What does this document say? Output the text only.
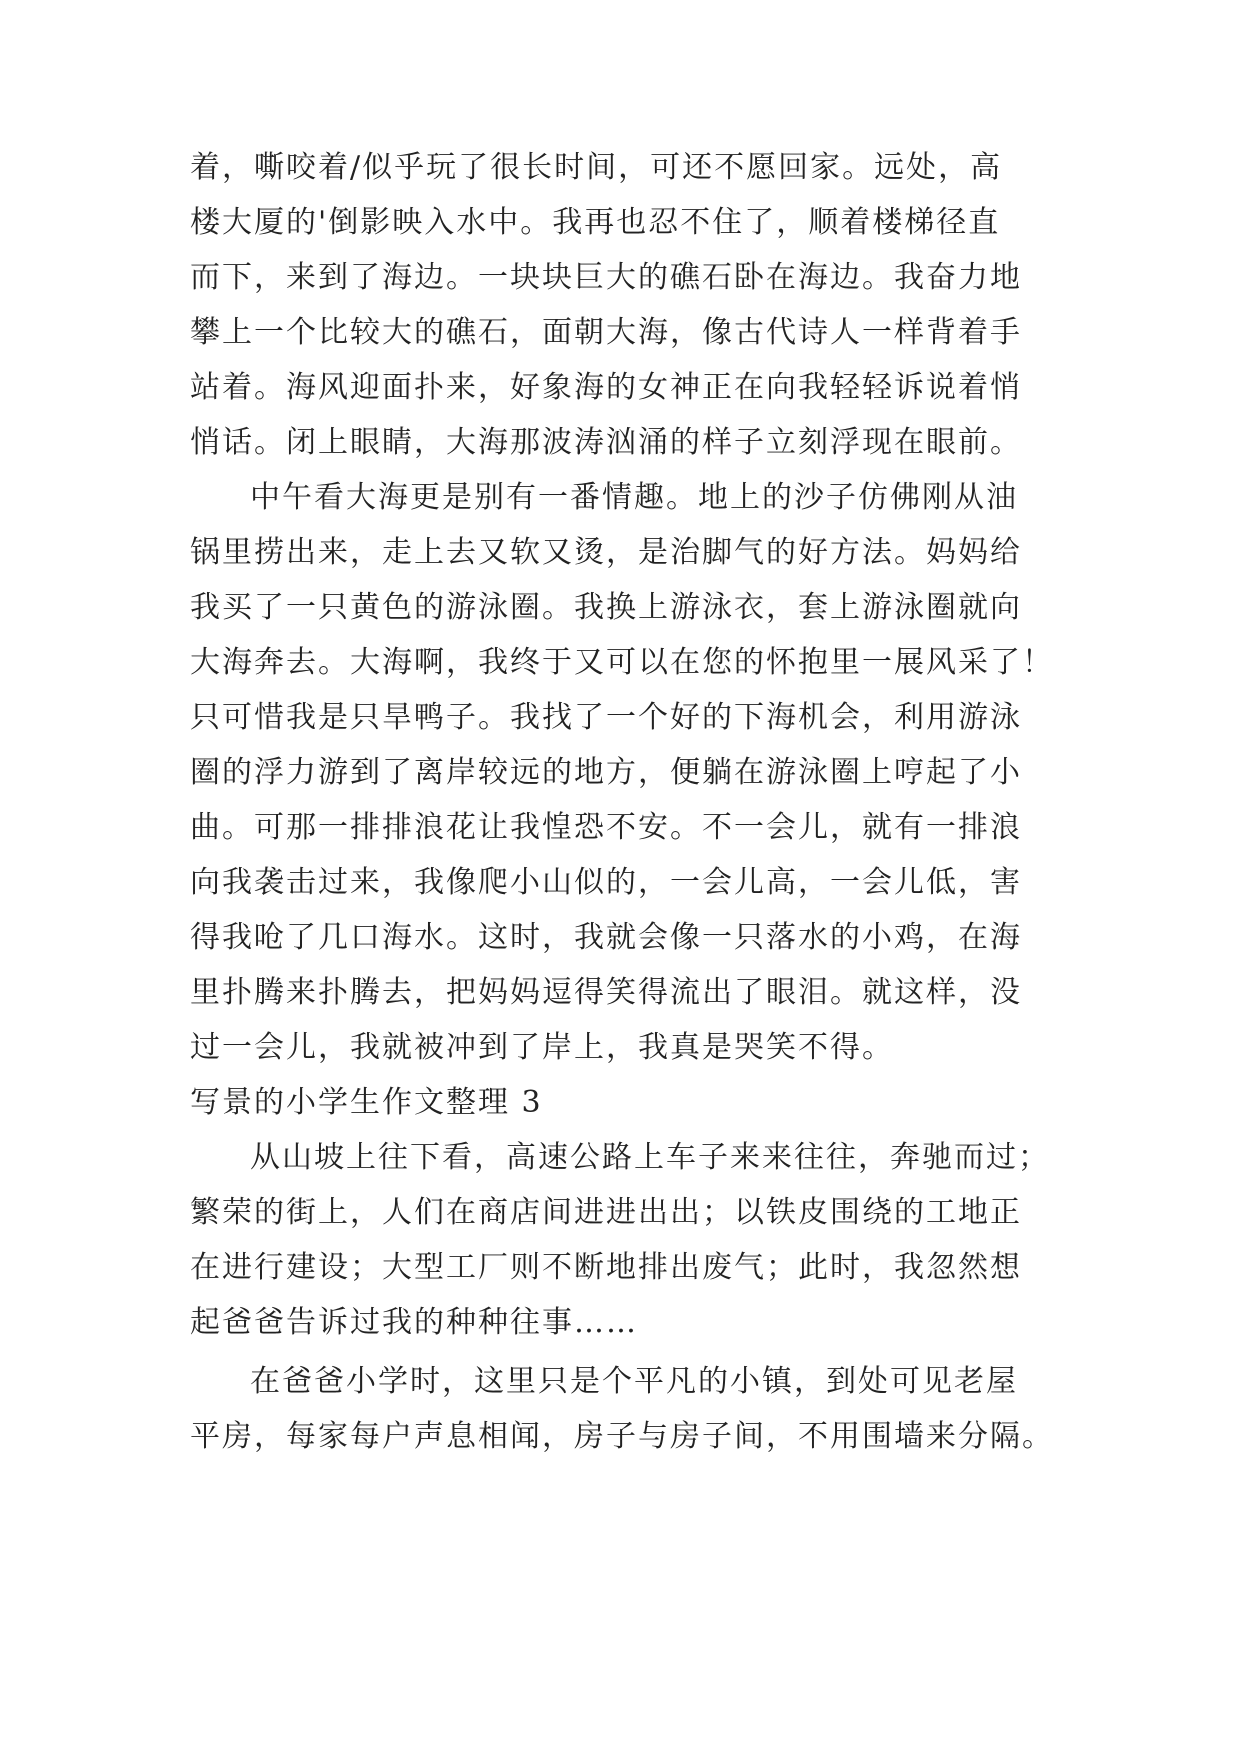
着，嘶咬着/似乎玩了很长时间，可还不愿回家。远处，高
楼大厦的'倒影映入水中。我再也忍不住了，顺着楼梯径直
而下，来到了海边。一块块巨大的礁石卧在海边。我奋力地
攀上一个比较大的礁石，面朝大海，像古代诗人一样背着手
站着。海风迎面扑来，好象海的女神正在向我轻轻诉说着悄
悄话。闭上眼睛，大海那波涛汹涌的样子立刻浮现在眼前。
中午看大海更是别有一番情趣。地上的沙子仿佛刚从油
锅里捞出来，走上去又软又烫，是治脚气的好方法。妈妈给
我买了一只黄色的游泳圈。我换上游泳衣，套上游泳圈就向
大海奔去。大海啊，我终于又可以在您的怀抱里一展风采了！
只可惜我是只旱鸭子。我找了一个好的下海机会，利用游泳
圈的浮力游到了离岸较远的地方，便躺在游泳圈上哼起了小
曲。可那一排排浪花让我惶恐不安。不一会儿，就有一排浪
向我袭击过来，我像爬小山似的，一会儿高，一会儿低，害
得我呛了几口海水。这时，我就会像一只落水的小鸡，在海
里扑腾来扑腾去，把妈妈逗得笑得流出了眼泪。就这样，没
过一会儿，我就被冲到了岸上，我真是哭笑不得。
写景的小学生作文整理 3
从山坡上往下看，高速公路上车子来来往往，奔驰而过；
繁荣的街上，人们在商店间进进出出；以铁皮围绕的工地正
在进行建设；大型工厂则不断地排出废气；此时，我忽然想
起爸爸告诉过我的种种往事……
在爸爸小学时，这里只是个平凡的小镇，到处可见老屋
平房，每家每户声息相闻，房子与房子间，不用围墙来分隔。
